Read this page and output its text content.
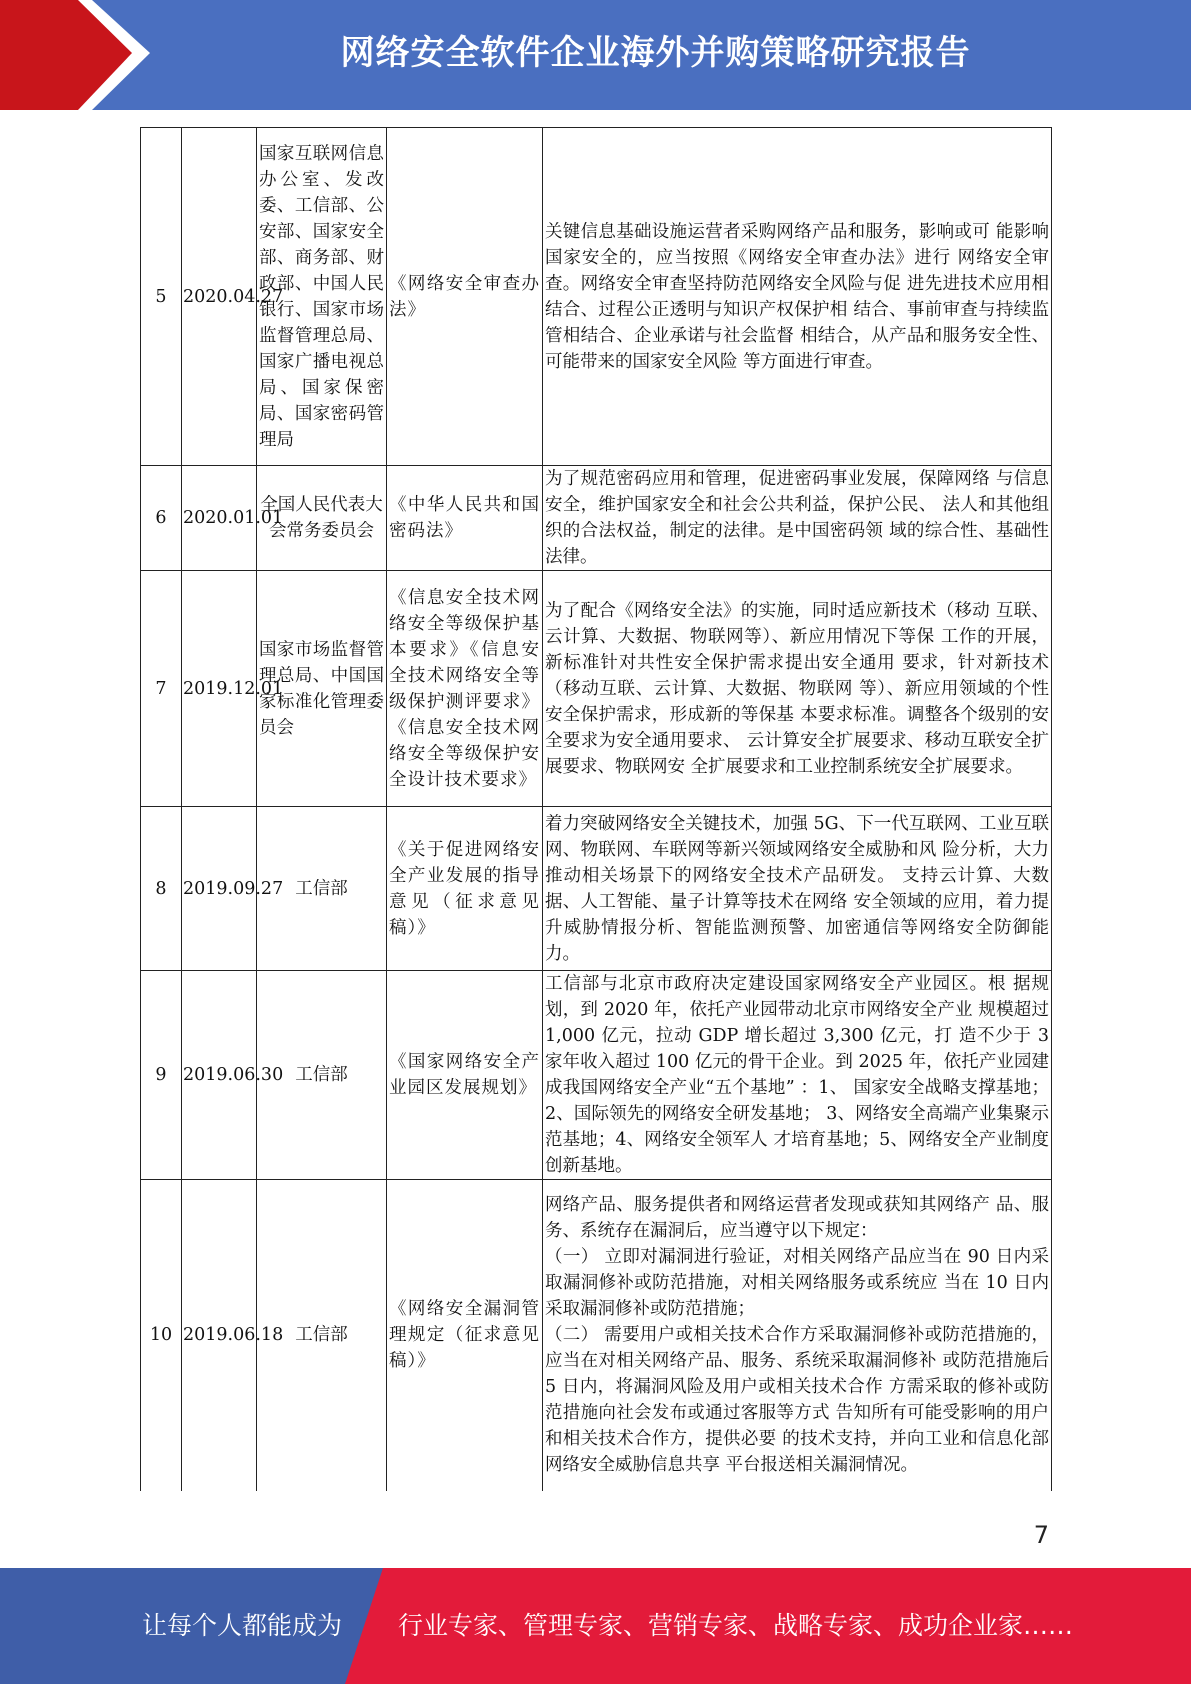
网络安全软件企业海外并购策略研究报告
5	2020.04.27	国家互联网信息办公室、发改委、工信部、公安部、国家安全部、商务部、财政部、中国人民银行、国家市场监督管理总局、国家广播电视总局、国家保密局、国家密码管理局	《网络安全审查办法》	关键信息基础设施运营者采购网络产品和服务，影响或可 能影响国家安全的，应当按照《网络安全审查办法》进行 网络安全审查。网络安全审查坚持防范网络安全风险与促 进先进技术应用相结合、过程公正透明与知识产权保护相 结合、事前审查与持续监管相结合、企业承诺与社会监督 相结合，从产品和服务安全性、可能带来的国家安全风险 等方面进行审查。
6	2020.01.01	全国人民代表大会常务委员会	《中华人民共和国密码法》	为了规范密码应用和管理，促进密码事业发展，保障网络 与信息安全，维护国家安全和社会公共利益，保护公民、 法人和其他组织的合法权益，制定的法律。是中国密码领 域的综合性、基础性法律。
7	2019.12.01	国家市场监督管理总局、中国国家标准化管理委员会	《信息安全技术网络安全等级保护基本要求》《信息安全技术网络安全等级保护测评要求》《信息安全技术网络安全等级保护安全设计技术要求》	为了配合《网络安全法》的实施，同时适应新技术（移动 互联、云计算、大数据、物联网等）、新应用情况下等保 工作的开展，新标准针对共性安全保护需求提出安全通用 要求，针对新技术（移动互联、云计算、大数据、物联网 等）、新应用领域的个性安全保护需求，形成新的等保基 本要求标准。调整各个级别的安全要求为安全通用要求、 云计算安全扩展要求、移动互联安全扩展要求、物联网安 全扩展要求和工业控制系统安全扩展要求。
8	2019.09.27	工信部	《关于促进网络安全产业发展的指导意见（征求意见稿）》	着力突破网络安全关键技术，加强 5G、下一代互联网、工业互联网、物联网、车联网等新兴领域网络安全威胁和风 险分析，大力推动相关场景下的网络安全技术产品研发。 支持云计算、大数据、人工智能、量子计算等技术在网络 安全领域的应用，着力提升威胁情报分析、智能监测预警、加密通信等网络安全防御能力。
9	2019.06.30	工信部	《国家网络安全产业园区发展规划》	工信部与北京市政府决定建设国家网络安全产业园区。根 据规划，到 2020 年，依托产业园带动北京市网络安全产业 规模超过 1,000 亿元，拉动 GDP 增长超过 3,300 亿元，打 造不少于 3 家年收入超过 100 亿元的骨干企业。到 2025 年，依托产业园建成我国网络安全产业“五个基地” ：1、 国家安全战略支撑基地；2、国际领先的网络安全研发基地； 3、网络安全高端产业集聚示范基地；4、网络安全领军人 才培育基地；5、网络安全产业制度创新基地。
10	2019.06.18	工信部	《网络安全漏洞管理规定（征求意见稿）》	网络产品、服务提供者和网络运营者发现或获知其网络产 品、服务、系统存在漏洞后，应当遵守以下规定：
（一） 立即对漏洞进行验证，对相关网络产品应当在 90 日内采取漏洞修补或防范措施，对相关网络服务或系统应 当在 10 日内采取漏洞修补或防范措施；
（二） 需要用户或相关技术合作方采取漏洞修补或防范措施的，应当在对相关网络产品、服务、系统采取漏洞修补 或防范措施后 5 日内，将漏洞风险及用户或相关技术合作 方需采取的修补或防范措施向社会发布或通过客服等方式 告知所有可能受影响的用户和相关技术合作方，提供必要 的技术支持，并向工业和信息化部网络安全威胁信息共享 平台报送相关漏洞情况。
7
让每个人都能成为 行业专家、管理专家、营销专家、战略专家、成功企业家……
